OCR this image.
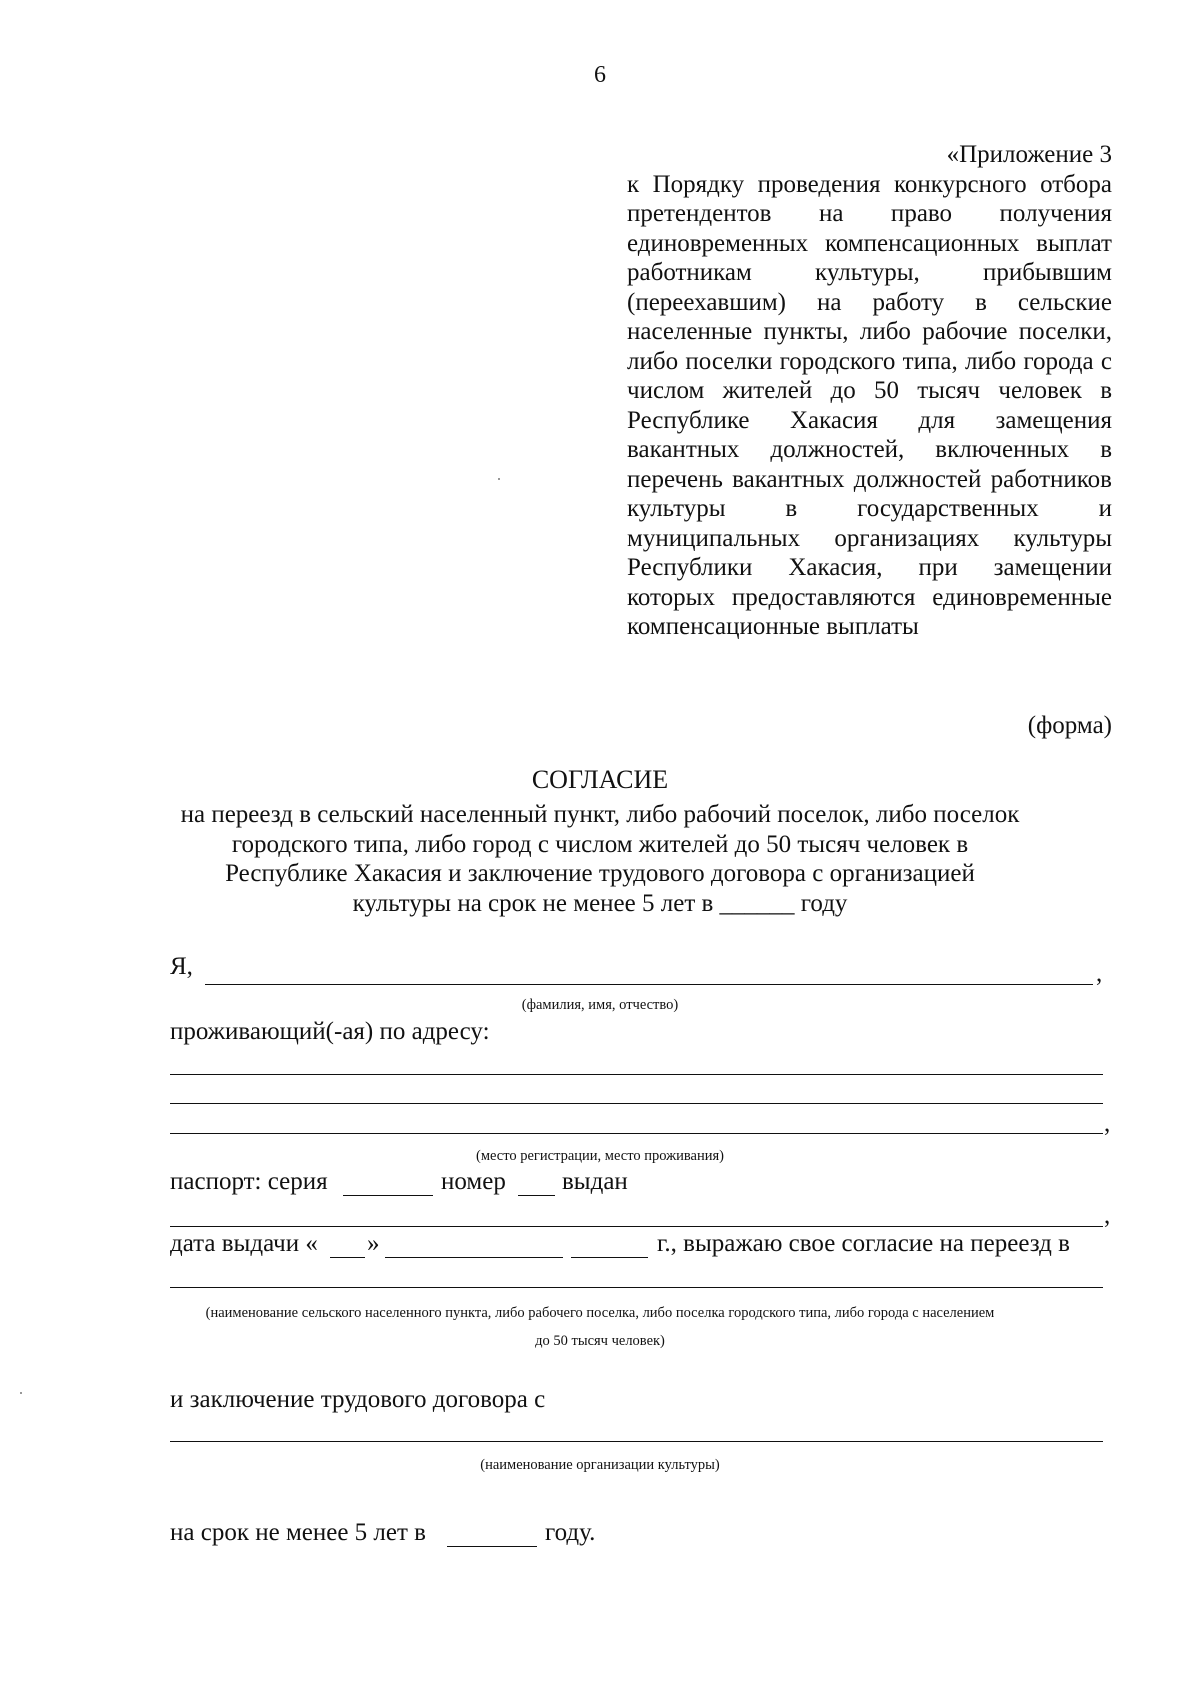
6
«Приложение 3
к Порядку проведения конкурсного отбора претендентов на право получения единовременных компенсационных выплат работникам культуры, прибывшим (переехавшим) на работу в сельские населенные пункты, либо рабочие поселки, либо поселки городского типа, либо города с числом жителей до 50 тысяч человек в Республике Хакасия для замещения вакантных должностей, включенных в перечень вакантных должностей работников культуры в государственных и муниципальных организациях культуры Республики Хакасия, при замещении которых предоставляются единовременные компенсационные выплаты
(форма)
СОГЛАСИЕ
на переезд в сельский населенный пункт, либо рабочий поселок, либо поселок городского типа, либо город с числом жителей до 50 тысяч человек в Республике Хакасия и заключение трудового договора с организацией культуры на срок не менее 5 лет в ______ году
Я,	,
(фамилия, имя, отчество)
проживающий(-ая) по адресу:
,
(место регистрации, место проживания)
паспорт: серия	номер выдан
,
дата выдачи « »	г., выражаю свое согласие на переезд в
(наименование сельского населенного пункта, либо рабочего поселка, либо поселка городского типа, либо города с населением
до 50 тысяч человек)
и заключение трудового договора с
(наименование организации культуры)
на срок не менее 5 лет в	году.
